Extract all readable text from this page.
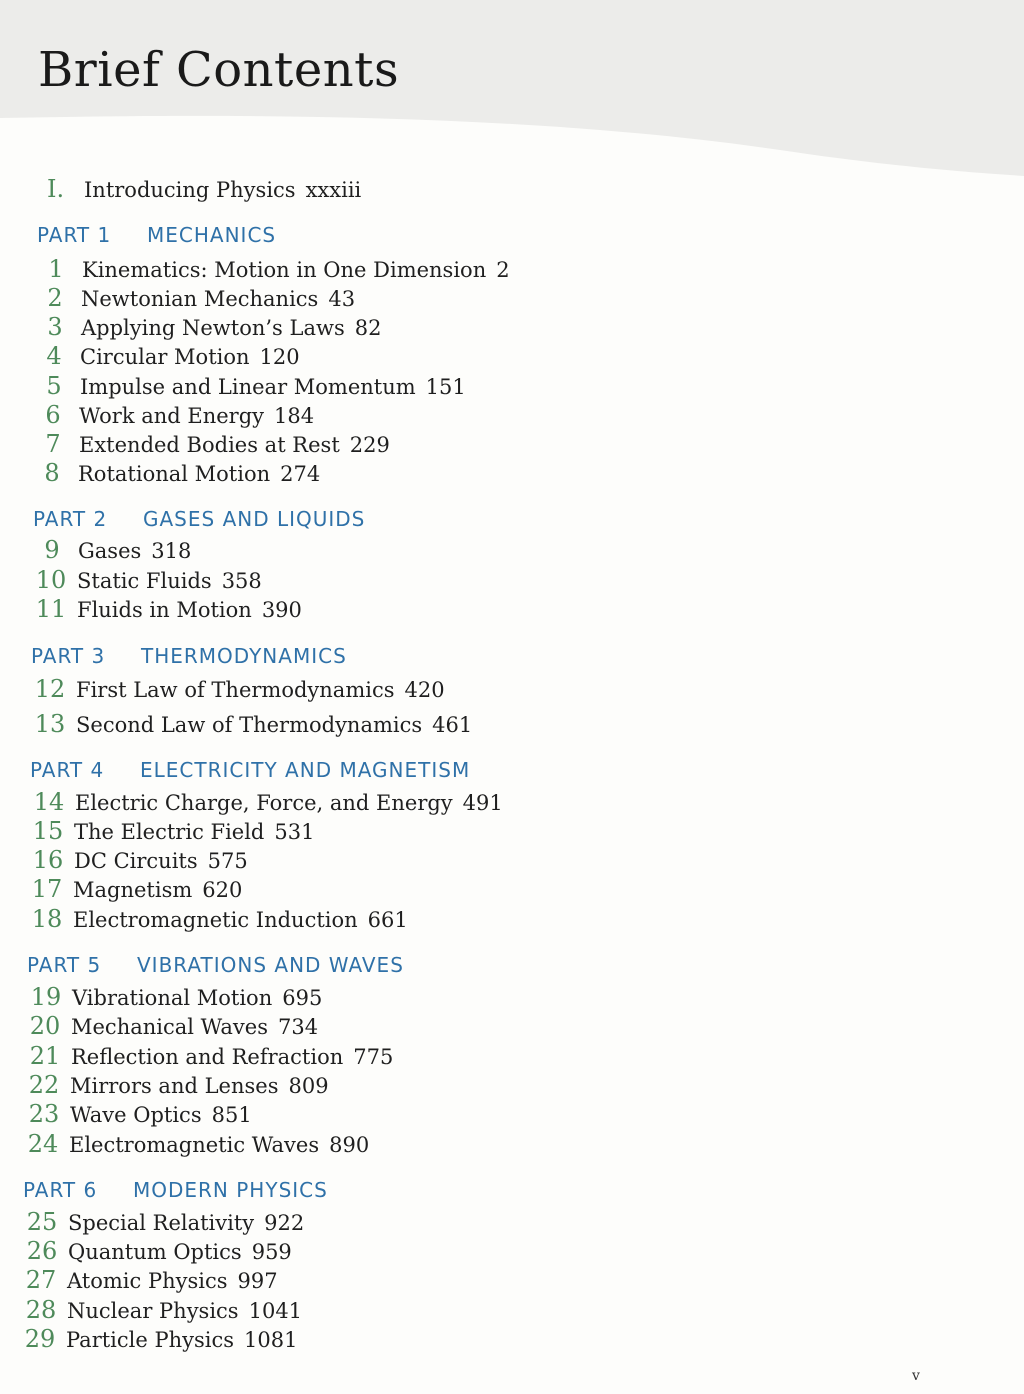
Brief Contents
I. Introducing Physics xxxiii
PART 1 MECHANICS
1 Kinematics: Motion in One Dimension 2
2 Newtonian Mechanics 43
3 Applying Newton’s Laws 82
4 Circular Motion 120
5 Impulse and Linear Momentum 151
6 Work and Energy 184
7 Extended Bodies at Rest 229
8 Rotational Motion 274
PART 2 GASES AND LIQUIDS
9 Gases 318
10 Static Fluids 358
11 Fluids in Motion 390
PART 3 THERMODYNAMICS
12 First Law of Thermodynamics 420
13 Second Law of Thermodynamics 461
PART 4 ELECTRICITY AND MAGNETISM
14 Electric Charge, Force, and Energy 491
15 The Electric Field 531
16 DC Circuits 575
17 Magnetism 620
18 Electromagnetic Induction 661
PART 5 VIBRATIONS AND WAVES
19 Vibrational Motion 695
20 Mechanical Waves 734
21 Reflection and Refraction 775
22 Mirrors and Lenses 809
23 Wave Optics 851
24 Electromagnetic Waves 890
PART 6 MODERN PHYSICS
25 Special Relativity 922
26 Quantum Optics 959
27 Atomic Physics 997
28 Nuclear Physics 1041
29 Particle Physics 1081
v
